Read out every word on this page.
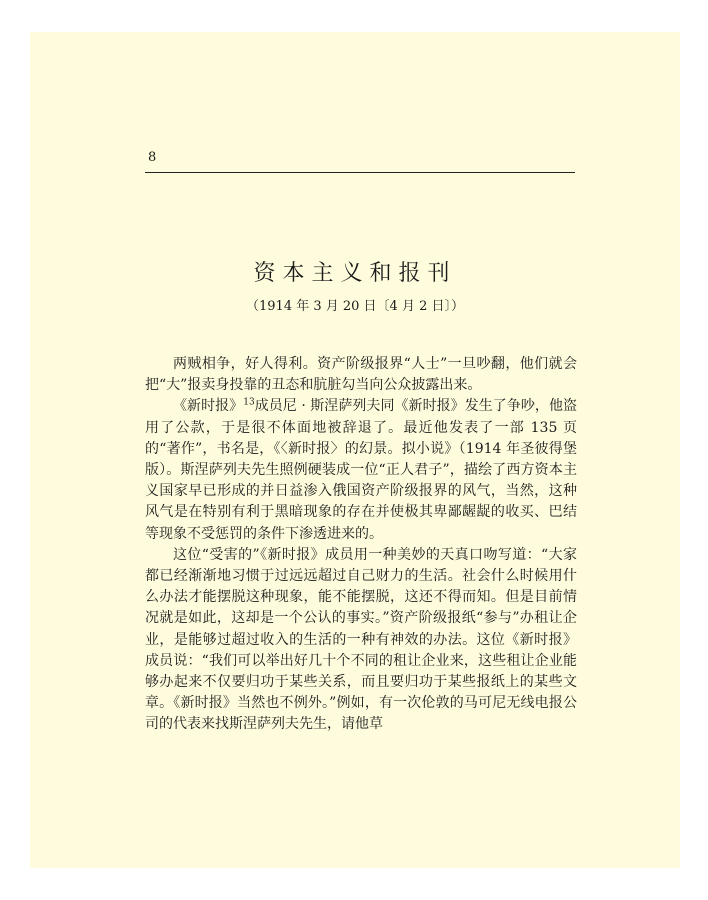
8
资本主义和报刊
（1914 年 3 月 20 日〔4 月 2 日〕）

两贼相争，好人得利。资产阶级报界“人士”一旦吵翻，他们就会把“大”报卖身投靠的丑态和肮脏勾当向公众披露出来。

《新时报》$^{13}$成员尼 · 斯涅萨列夫同《新时报》发生了争吵，他盗用了公款，于是很不体面地被辞退了。最近他发表了一部 135 页的“著作”，书名是，《〈新时报〉的幻景。拟小说》（1914 年圣彼得堡版）。斯涅萨列夫先生照例硬装成一位“正人君子”，描绘了西方资本主义国家早已形成的并日益渗入俄国资产阶级报界的风气，当然，这种风气是在特别有利于黑暗现象的存在并使极其卑鄙龌龊的收买、巴结等现象不受惩罚的条件下渗透进来的。

这位“受害的”《新时报》成员用一种美妙的天真口吻写道：“大家都已经渐渐地习惯于过远远超过自己财力的生活。社会什么时候用什么办法才能摆脱这种现象，能不能摆脱，这还不得而知。但是目前情况就是如此，这却是一个公认的事实。”资产阶级报纸“参与”办租让企业，是能够过超过收入的生活的一种有神效的办法。这位《新时报》成员说：“我们可以举出好几十个不同的租让企业来，这些租让企业能够办起来不仅要归功于某些关系，而且要归功于某些报纸上的某些文章。《新时报》当然也不例外。”例如，有一次伦敦的马可尼无线电报公司的代表来找斯涅萨列夫先生，请他草
